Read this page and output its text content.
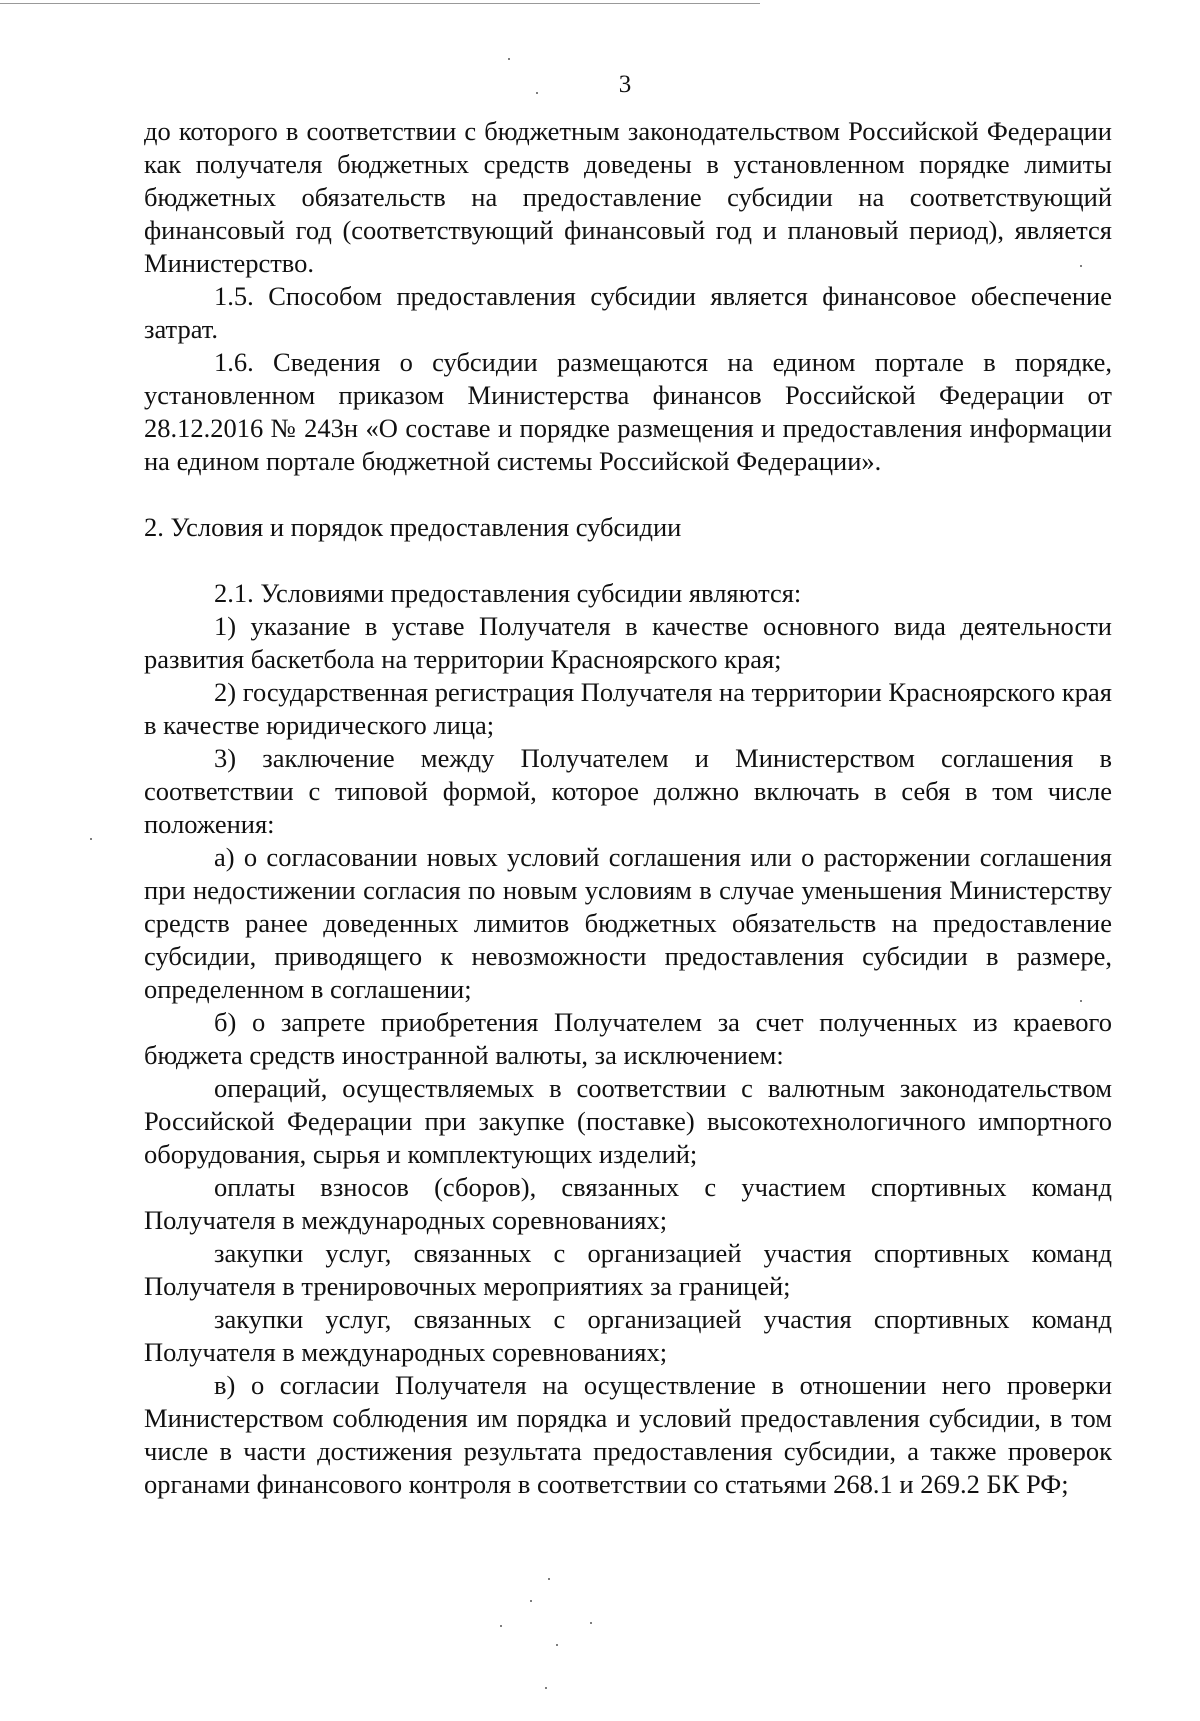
3

до которого в соответствии с бюджетным законодательством Российской Федерации как получателя бюджетных средств доведены в установленном порядке лимиты бюджетных обязательств на предоставление субсидии на соответствующий финансовый год (соответствующий финансовый год и плановый период), является Министерство.

1.5. Способом предоставления субсидии является финансовое обеспечение затрат.

1.6. Сведения о субсидии размещаются на едином портале в порядке, установленном приказом Министерства финансов Российской Федерации от 28.12.2016 № 243н «О составе и порядке размещения и предоставления информации на едином портале бюджетной системы Российской Федерации».

2. Условия и порядок предоставления субсидии

2.1. Условиями предоставления субсидии являются:

1) указание в уставе Получателя в качестве основного вида деятельности развития баскетбола на территории Красноярского края;

2) государственная регистрация Получателя на территории Красноярского края в качестве юридического лица;

3) заключение между Получателем и Министерством соглашения в соответствии с типовой формой, которое должно включать в себя в том числе положения:

а) о согласовании новых условий соглашения или о расторжении соглашения при недостижении согласия по новым условиям в случае уменьшения Министерству средств ранее доведенных лимитов бюджетных обязательств на предоставление субсидии, приводящего к невозможности предоставления субсидии в размере, определенном в соглашении;

б) о запрете приобретения Получателем за счет полученных из краевого бюджета средств иностранной валюты, за исключением:

операций, осуществляемых в соответствии с валютным законодательством Российской Федерации при закупке (поставке) высокотехнологичного импортного оборудования, сырья и комплектующих изделий;

оплаты взносов (сборов), связанных с участием спортивных команд Получателя в международных соревнованиях;

закупки услуг, связанных с организацией участия спортивных команд Получателя в тренировочных мероприятиях за границей;

закупки услуг, связанных с организацией участия спортивных команд Получателя в международных соревнованиях;

в) о согласии Получателя на осуществление в отношении него проверки Министерством соблюдения им порядка и условий предоставления субсидии, в том числе в части достижения результата предоставления субсидии, а также проверок органами финансового контроля в соответствии со статьями 268.1 и 269.2 БК РФ;
